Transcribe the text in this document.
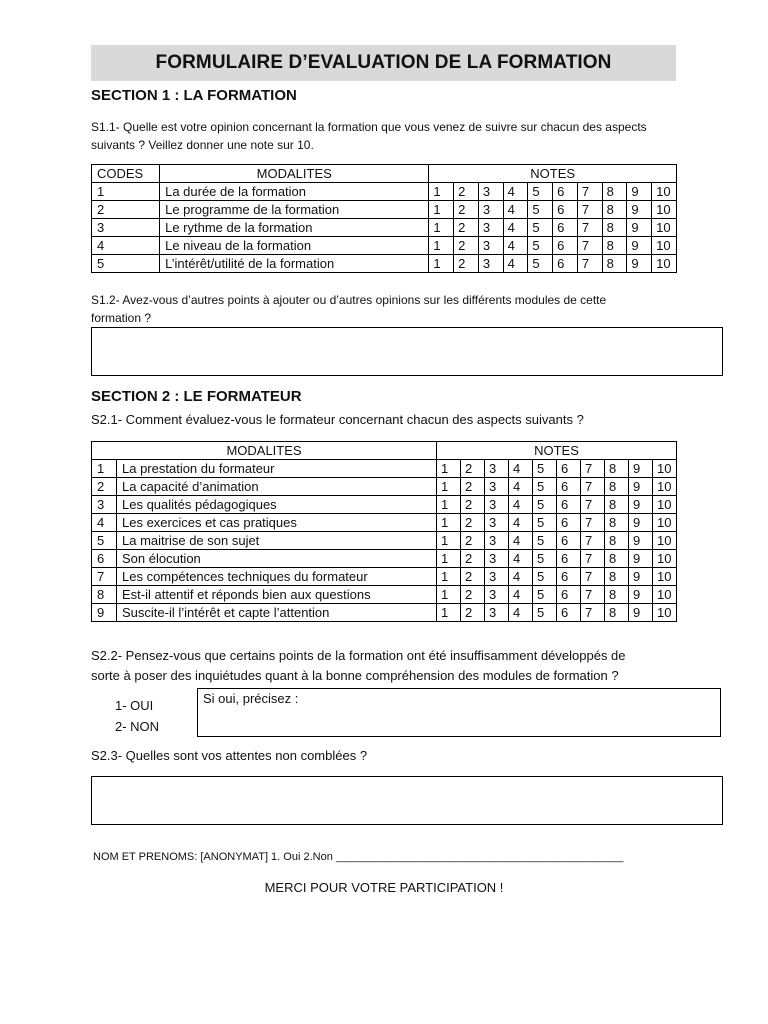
FORMULAIRE D’EVALUATION DE LA FORMATION
SECTION 1 : LA FORMATION
S1.1- Quelle est votre opinion concernant la formation que vous venez de suivre sur chacun des aspects
suivants ? Veillez donner une note sur 10.
CODES	MODALITES	NOTES									
1	La durée de la formation	1	2	3	4	5	6	7	8	9	10
2	Le programme de la formation	1	2	3	4	5	6	7	8	9	10
3	Le rythme de la formation	1	2	3	4	5	6	7	8	9	10
4	Le niveau de la formation	1	2	3	4	5	6	7	8	9	10
5	L’intérêt/utilité de la formation	1	2	3	4	5	6	7	8	9	10
S1.2- Avez-vous d’autres points à ajouter ou d’autres opinions sur les différents modules de cette
formation ?
SECTION 2 : LE FORMATEUR
S2.1- Comment évaluez-vous le formateur concernant chacun des aspects suivants ?
MODALITES		NOTES									
1	La prestation du formateur	1	2	3	4	5	6	7	8	9	10
2	La capacité d’animation	1	2	3	4	5	6	7	8	9	10
3	Les qualités pédagogiques	1	2	3	4	5	6	7	8	9	10
4	Les exercices et cas pratiques	1	2	3	4	5	6	7	8	9	10
5	La maitrise de son sujet	1	2	3	4	5	6	7	8	9	10
6	Son élocution	1	2	3	4	5	6	7	8	9	10
7	Les compétences techniques du formateur	1	2	3	4	5	6	7	8	9	10
8	Est-il attentif et réponds bien aux questions	1	2	3	4	5	6	7	8	9	10
9	Suscite-il l’intérêt et capte l’attention	1	2	3	4	5	6	7	8	9	10
S2.2- Pensez-vous que certains points de la formation ont été insuffisamment développés de
sorte à poser des inquiétudes quant à la bonne compréhension des modules de formation ?
1- OUI
2- NON
Si oui, précisez :
S2.3- Quelles sont vos attentes non comblées ?
NOM ET PRENOMS: [ANONYMAT] 1. Oui 2.Non _______________________________________________
MERCI POUR VOTRE PARTICIPATION !
